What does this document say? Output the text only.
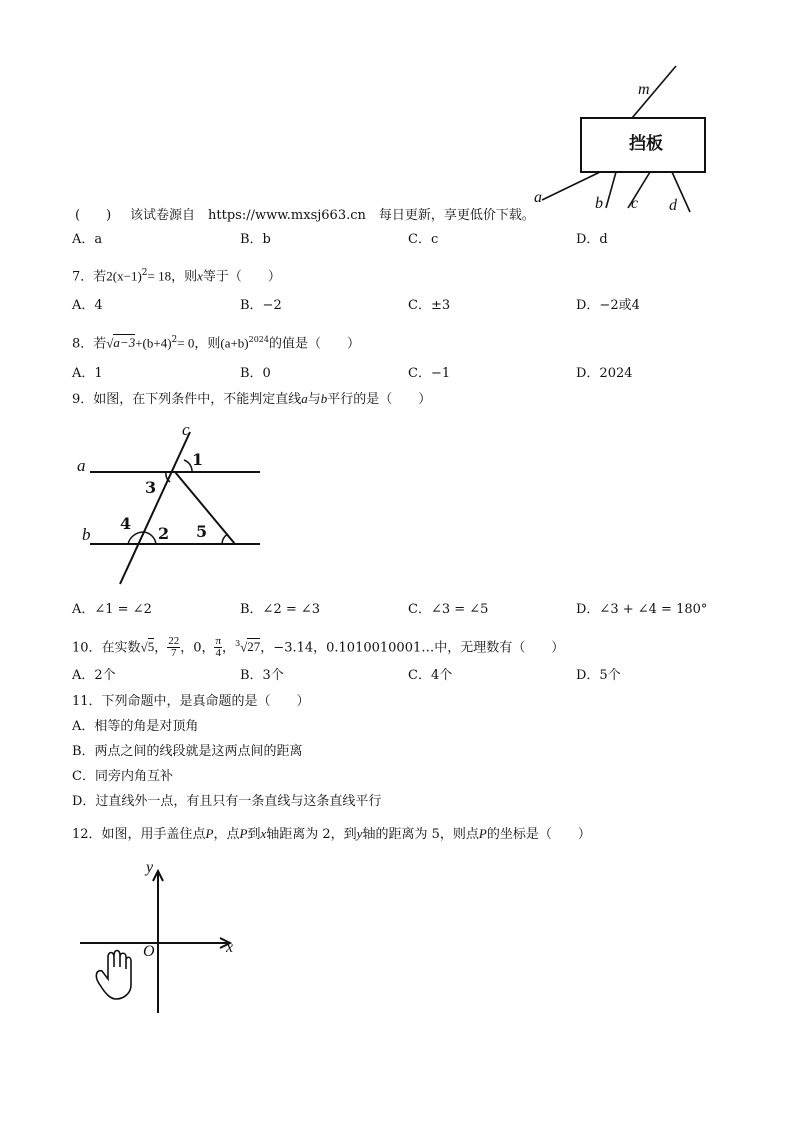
m
挡板
a	b c d
(　　) 该试卷源自　https://www.mxsj663.cn　每日更新，享更低价下载。
A．a	B．b	C．c	D．d
7．若$2(x-1)^2= 18$，则x等于（　　）
A．4	B．−2	C．±3	D．−2或4
8．若$√a-3+(b+4)^2= 0$，则$(a+b)^{2024}$的值是（　　）
A．1	B．0	C．−1	D．2024
9．如图，在下列条件中，不能判定直线a与b平行的是（　　）
c
a
b
1
3
4
2 5
A．∠1 = ∠2	B．∠2 = ∠3	C．∠3 = ∠5	D．∠3 + ∠4 = 180°
10．在实数√5， $\frac{22}{7}$ ，0， $\frac{\pi}{4}$ ，$^3$√27，−3.14，0.1010010001…中，无理数有（　　）
A．2个	B．3个	C．4个	D．5个
11．下列命题中，是真命题的是（　　）
A．相等的角是对顶角
B．两点之间的线段就是这两点间的距离
C．同旁内角互补
D．过直线外一点，有且只有一条直线与这条直线平行
12．如图，用手盖住点P，点P到x轴距离为 2，到y轴的距离为 5，则点P的坐标是（　　）
y
x
O
